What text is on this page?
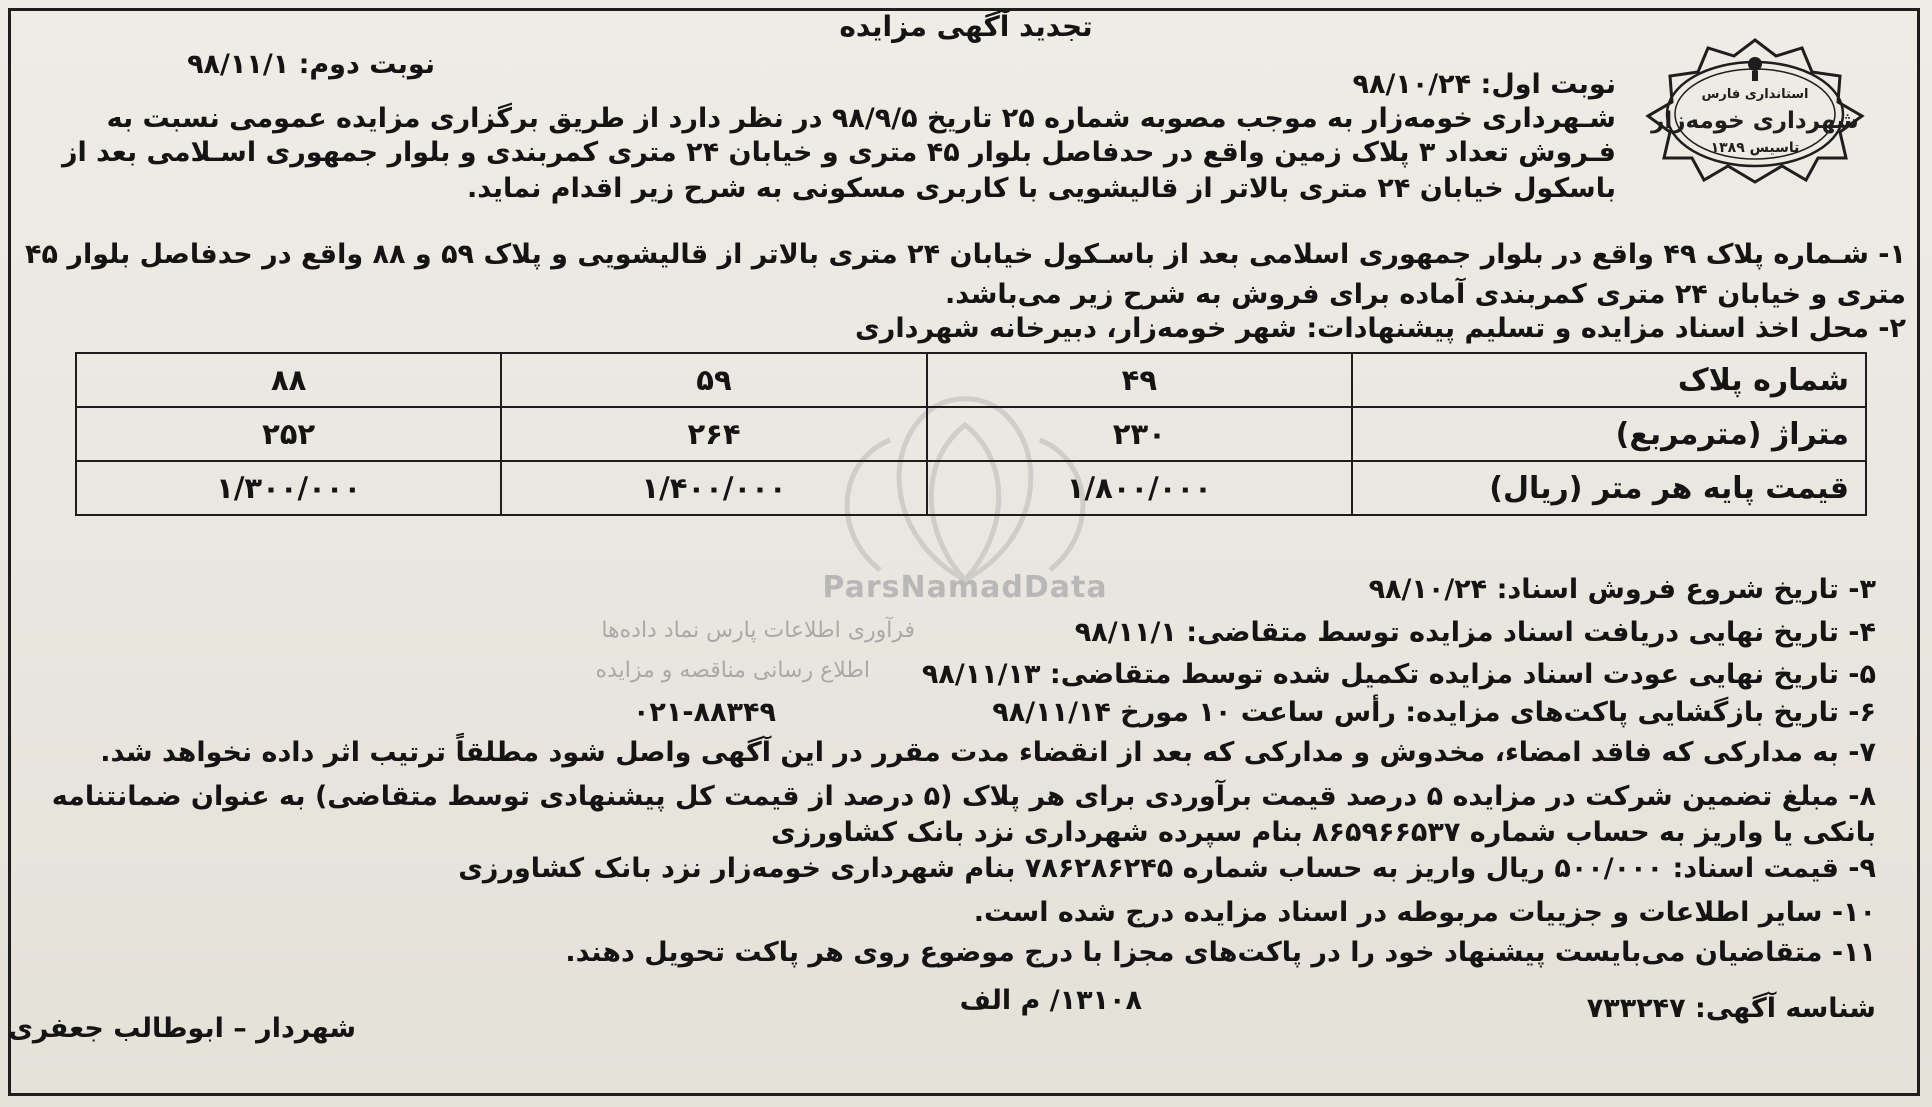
ParsNamadData
فرآوری اطلاعات پارس نماد داده‌ها
اطلاع رسانی مناقصه و مزایده
استانداری فارس
شهرداری خومه‌زار
تاسیس ۱۳۸۹
تجدید آگهی مزایده
نوبت دوم: ۹۸/۱۱/۱
نوبت اول: ۹۸/۱۰/۲۴
شـهرداری خومه‌زار به موجب مصوبه شماره ۲۵ تاریخ ۹۸/۹/۵ در نظر دارد از طریق برگزاری مزایده عمومی نسبت به
فـروش تعداد ۳ پلاک زمین واقع در حدفاصل بلوار ۴۵ متری و خیابان ۲۴ متری کمربندی و بلوار جمهوری اسـلامی بعد از
باسکول خیابان ۲۴ متری بالاتر از قالیشویی با کاربری مسکونی به شرح زیر اقدام نماید.
۱- شـماره پلاک ۴۹ واقع در بلوار جمهوری اسلامی بعد از باسـکول خیابان ۲۴ متری بالاتر از قالیشویی و پلاک ۵۹ و ۸۸ واقع در حدفاصل بلوار ۴۵
متری و خیابان ۲۴ متری کمربندی آماده برای فروش به شرح زیر می‌باشد.
۲- محل اخذ اسناد مزایده و تسلیم پیشنهادات: شهر خومه‌زار، دبیرخانه شهرداری
شماره پلاک	۴۹	۵۹	۸۸
متراژ (مترمربع)	۲۳۰	۲۶۴	۲۵۲
قیمت پایه هر متر (ریال)	۱/۸۰۰/۰۰۰	۱/۴۰۰/۰۰۰	۱/۳۰۰/۰۰۰
۳- تاریخ شروع فروش اسناد: ۹۸/۱۰/۲۴
۴- تاریخ نهایی دریافت اسناد مزایده توسط متقاضی: ۹۸/۱۱/۱
۵- تاریخ نهایی عودت اسناد مزایده تکمیل شده توسط متقاضی: ۹۸/۱۱/۱۳
۶- تاریخ بازگشایی پاکت‌های مزایده: رأس ساعت ۱۰ مورخ ۹۸/۱۱/۱۴
۰۲۱-۸۸۳۴۹
۷- به مدارکی که فاقد امضاء، مخدوش و مدارکی که بعد از انقضاء مدت مقرر در این آگهی واصل شود مطلقاً ترتیب اثر داده نخواهد شد.
۸- مبلغ تضمین شرکت در مزایده ۵ درصد قیمت برآوردی برای هر پلاک (۵ درصد از قیمت کل پیشنهادی توسط متقاضی) به عنوان ضمانتنامه
بانکی یا واریز به حساب شماره ۸۶۵۹۶۶۵۳۷ بنام سپرده شهرداری نزد بانک کشاورزی
۹- قیمت اسناد: ۵۰۰/۰۰۰ ریال واریز به حساب شماره ۷۸۶۲۸۶۲۴۵ بنام شهرداری خومه‌زار نزد بانک کشاورزی
۱۰- سایر اطلاعات و جزییات مربوطه در اسناد مزایده درج شده است.
۱۱- متقاضیان می‌بایست پیشنهاد خود را در پاکت‌های مجزا با درج موضوع روی هر پاکت تحویل دهند.
شناسه آگهی: ۷۳۳۲۴۷
۱۳۱۰۸/ م الف
شهردار – ابوطالب جعفری
